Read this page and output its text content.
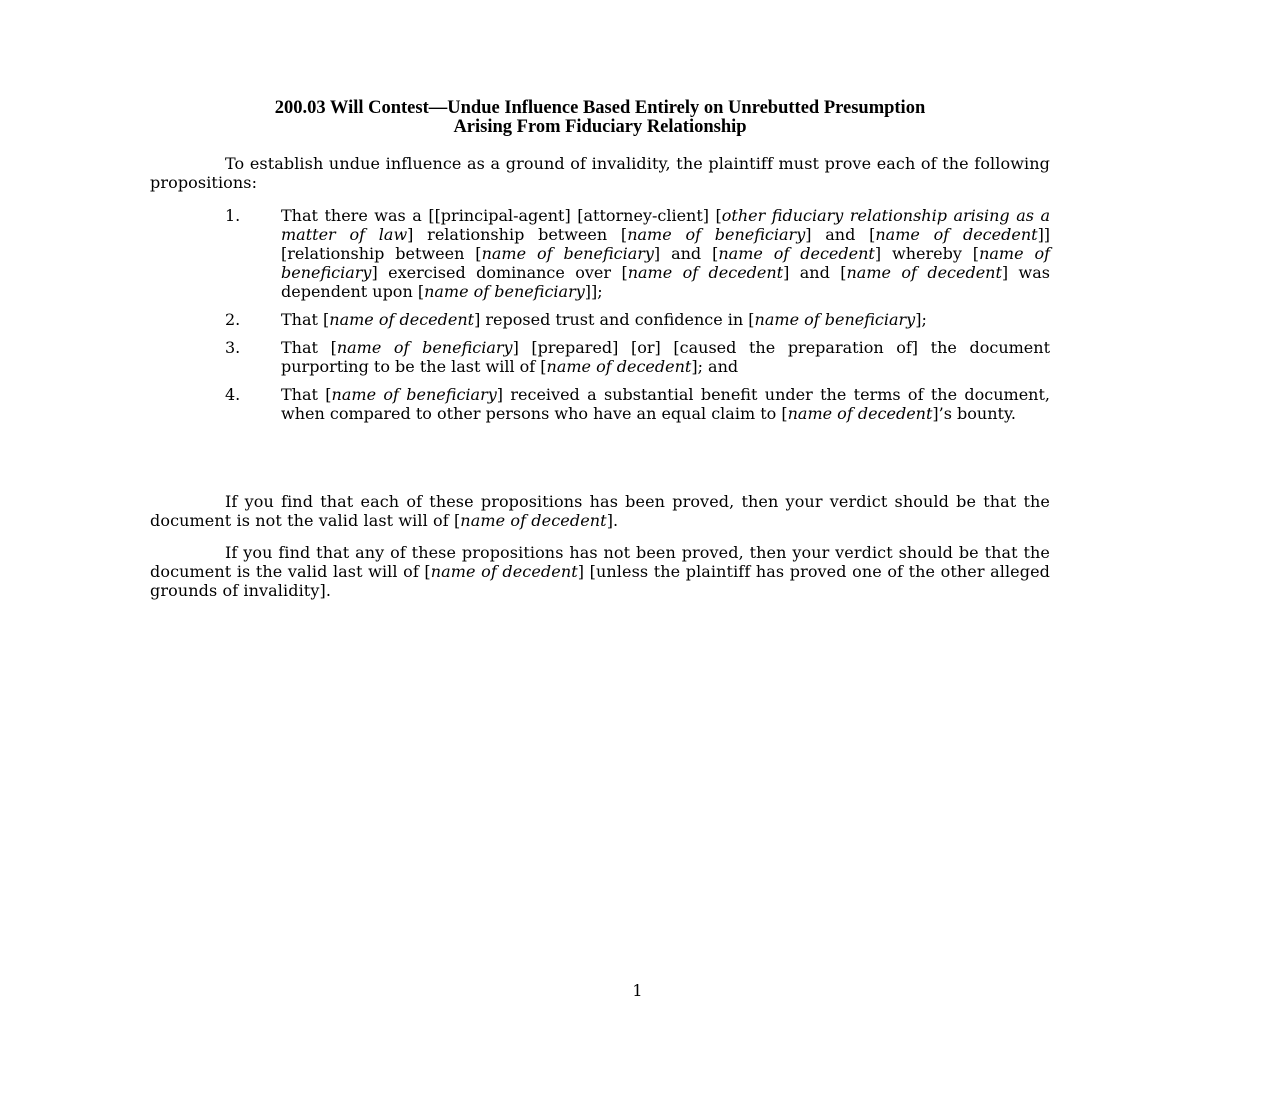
200.03 Will Contest—Undue Influence Based Entirely on Unrebutted Presumption
Arising From Fiduciary Relationship

To establish undue influence as a ground of invalidity, the plaintiff must prove each of the following propositions:

1.	That there was a [[principal-agent] [attorney-client] [other fiduciary relationship arising as a matter of law] relationship between [name of beneficiary] and [name of decedent]] [relationship between [name of beneficiary] and [name of decedent] whereby [name of beneficiary] exercised dominance over [name of decedent] and [name of decedent] was dependent upon [name of beneficiary]];
2.	That [name of decedent] reposed trust and confidence in [name of beneficiary];
3.	That [name of beneficiary] [prepared] [or] [caused the preparation of] the document purporting to be the last will of [name of decedent]; and
4.	That [name of beneficiary] received a substantial benefit under the terms of the document, when compared to other persons who have an equal claim to [name of decedent]’s bounty.

If you find that each of these propositions has been proved, then your verdict should be that the document is not the valid last will of [name of decedent].

If you find that any of these propositions has not been proved, then your verdict should be that the document is the valid last will of [name of decedent] [unless the plaintiff has proved one of the other alleged grounds of invalidity].

1
